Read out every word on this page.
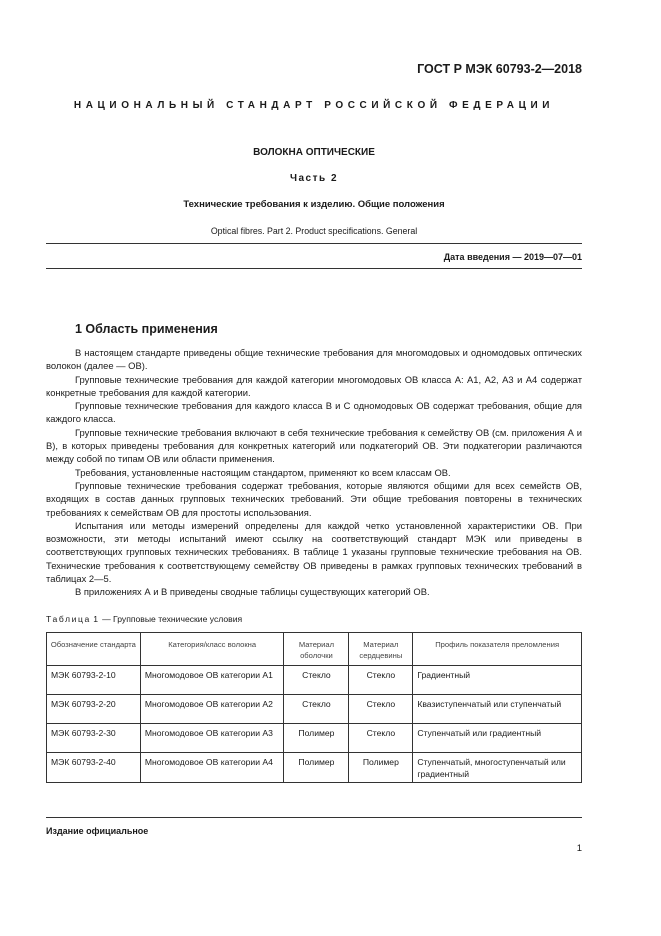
ГОСТ Р МЭК 60793-2—2018
НАЦИОНАЛЬНЫЙ СТАНДАРТ РОССИЙСКОЙ ФЕДЕРАЦИИ
ВОЛОКНА ОПТИЧЕСКИЕ
Часть 2
Технические требования к изделию. Общие положения
Optical fibres. Part 2. Product specifications. General
Дата введения — 2019—07—01
1 Область применения

В настоящем стандарте приведены общие технические требования для многомодовых и одномодовых оптических волокон (далее — ОВ).

Групповые технические требования для каждой категории многомодовых ОВ класса А: А1, А2, А3 и А4 содержат конкретные требования для каждой категории.

Групповые технические требования для каждого класса В и С одномодовых ОВ содержат требования, общие для каждого класса.

Групповые технические требования включают в себя технические требования к семейству ОВ (см. приложения А и В), в которых приведены требования для конкретных категорий или подкатегорий ОВ. Эти подкатегории различаются между собой по типам ОВ или области применения.

Требования, установленные настоящим стандартом, применяют ко всем классам ОВ.

Групповые технические требования содержат требования, которые являются общими для всех семейств ОВ, входящих в состав данных групповых технических требований. Эти общие требования повторены в технических требованиях к семействам ОВ для простоты использования.

Испытания или методы измерений определены для каждой четко установленной характеристики ОВ. При возможности, эти методы испытаний имеют ссылку на соответствующий стандарт МЭК или приведены в соответствующих групповых технических требованиях. В таблице 1 указаны групповые технические требования на ОВ. Технические требования к соответствующему семейству ОВ приведены в рамках групповых технических требований в таблицах 2—5.

В приложениях А и В приведены сводные таблицы существующих категорий ОВ.

Таблица 1 — Групповые технические условия
Обозначение стандарта	Категория/класс волокна	Материал оболочки	Материал сердцевины	Профиль показателя преломления
МЭК 60793-2-10	Многомодовое ОВ категории А1	Стекло	Стекло	Градиентный
МЭК 60793-2-20	Многомодовое ОВ категории А2	Стекло	Стекло	Квазиступенчатый или ступенчатый
МЭК 60793-2-30	Многомодовое ОВ категории А3	Полимер	Стекло	Ступенчатый или градиентный
МЭК 60793-2-40	Многомодовое ОВ категории А4	Полимер	Полимер	Ступенчатый, многоступенчатый или градиентный
Издание официальное
1
